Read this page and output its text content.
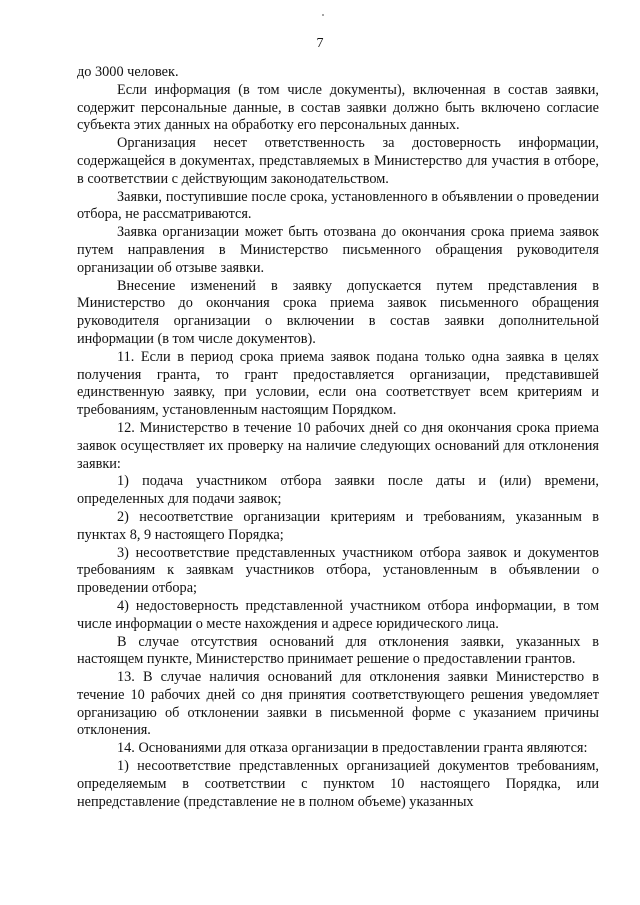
7

до 3000 человек.

Если информация (в том числе документы), включенная в состав заявки, содержит персональные данные, в состав заявки должно быть включено согласие субъекта этих данных на обработку его персональных данных.

Организация несет ответственность за достоверность информации, содержащейся в документах, представляемых в Министерство для участия в отборе, в соответствии с действующим законодательством.

Заявки, поступившие после срока, установленного в объявлении о проведении отбора, не рассматриваются.

Заявка организации может быть отозвана до окончания срока приема заявок путем направления в Министерство письменного обращения руководителя организации об отзыве заявки.

Внесение изменений в заявку допускается путем представления в Министерство до окончания срока приема заявок письменного обращения руководителя организации о включении в состав заявки дополнительной информации (в том числе документов).

11. Если в период срока приема заявок подана только одна заявка в целях получения гранта, то грант предоставляется организации, представившей единственную заявку, при условии, если она соответствует всем критериям и требованиям, установленным настоящим Порядком.

12. Министерство в течение 10 рабочих дней со дня окончания срока приема заявок осуществляет их проверку на наличие следующих оснований для отклонения заявки:

1) подача участником отбора заявки после даты и (или) времени, определенных для подачи заявок;

2) несоответствие организации критериям и требованиям, указанным в пунктах 8, 9 настоящего Порядка;

3) несоответствие представленных участником отбора заявок и документов требованиям к заявкам участников отбора, установленным в объявлении о проведении отбора;

4) недостоверность представленной участником отбора информации, в том числе информации о месте нахождения и адресе юридического лица.

В случае отсутствия оснований для отклонения заявки, указанных в настоящем пункте, Министерство принимает решение о предоставлении грантов.

13. В случае наличия оснований для отклонения заявки Министерство в течение 10 рабочих дней со дня принятия соответствующего решения уведомляет организацию об отклонении заявки в письменной форме с указанием причины отклонения.

14. Основаниями для отказа организации в предоставлении гранта являются:

1) несоответствие представленных организацией документов требованиям, определяемым в соответствии с пунктом 10 настоящего Порядка, или непредставление (представление не в полном объеме) указанных
